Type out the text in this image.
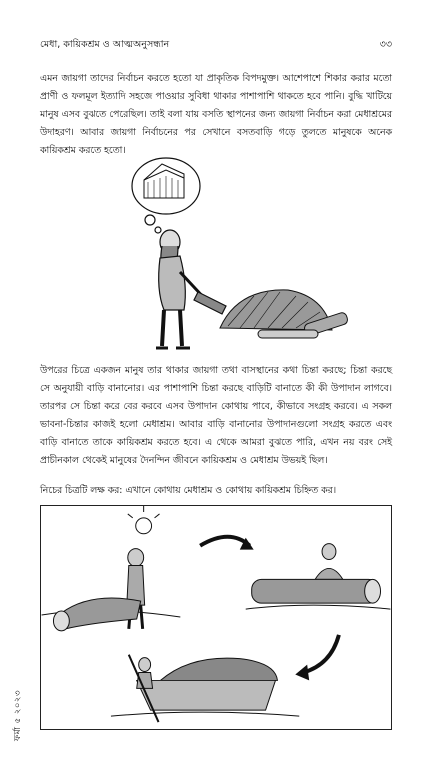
মেধা, কায়িকশ্রম ও আত্মঅনুসন্ধান	৩৩
এমন জায়গা তাদের নির্বাচন করতে হতো যা প্রাকৃতিক বিপদমুক্ত। আশেপাশে শিকার করার মতো প্রাণী ও ফলমূল ইত্যাদি সহজে পাওয়ার সুবিধা থাকার পাশাপাশি থাকতে হবে পানি। বুদ্ধি খাটিয়ে মানুষ এসব বুঝতে পেরেছিল। তাই বলা যায় বসতি স্থাপনের জন্য জায়গা নির্বাচন করা মেধাশ্রমের উদাহরণ। আবার জায়গা নির্বাচনের পর সেখানে বসতবাড়ি গড়ে তুলতে মানুষকে অনেক কায়িকশ্রম করতে হতো।
উপরের চিত্রে একজন মানুষ তার থাকার জায়গা তথা বাসস্থানের কথা চিন্তা করছে; চিন্তা করছে সে অনুযায়ী বাড়ি বানানোর। এর পাশাপাশি চিন্তা করছে বাড়িটি বানাতে কী কী উপাদান লাগবে। তারপর সে চিন্তা করে বের করবে এসব উপাদান কোথায় পাবে, কীভাবে সংগ্রহ করবে। এ সকল ভাবনা-চিন্তার কাজই হলো মেধাশ্রম। আবার বাড়ি বানানোর উপাদানগুলো সংগ্রহ করতে এবং বাড়ি বানাতে তাকে কায়িকশ্রম করতে হবে। এ থেকে আমরা বুঝতে পারি, এখন নয় বরং সেই প্রাচীনকাল থেকেই মানুষের দৈনন্দিন জীবনে কায়িকশ্রম ও মেধাশ্রম উভয়ই ছিল।
নিচের চিত্রটি লক্ষ কর: এখানে কোথায় মেধাশ্রম ও কোথায় কায়িকশ্রম চিহ্নিত কর।
ফর্মা ৫ ২০২৩
